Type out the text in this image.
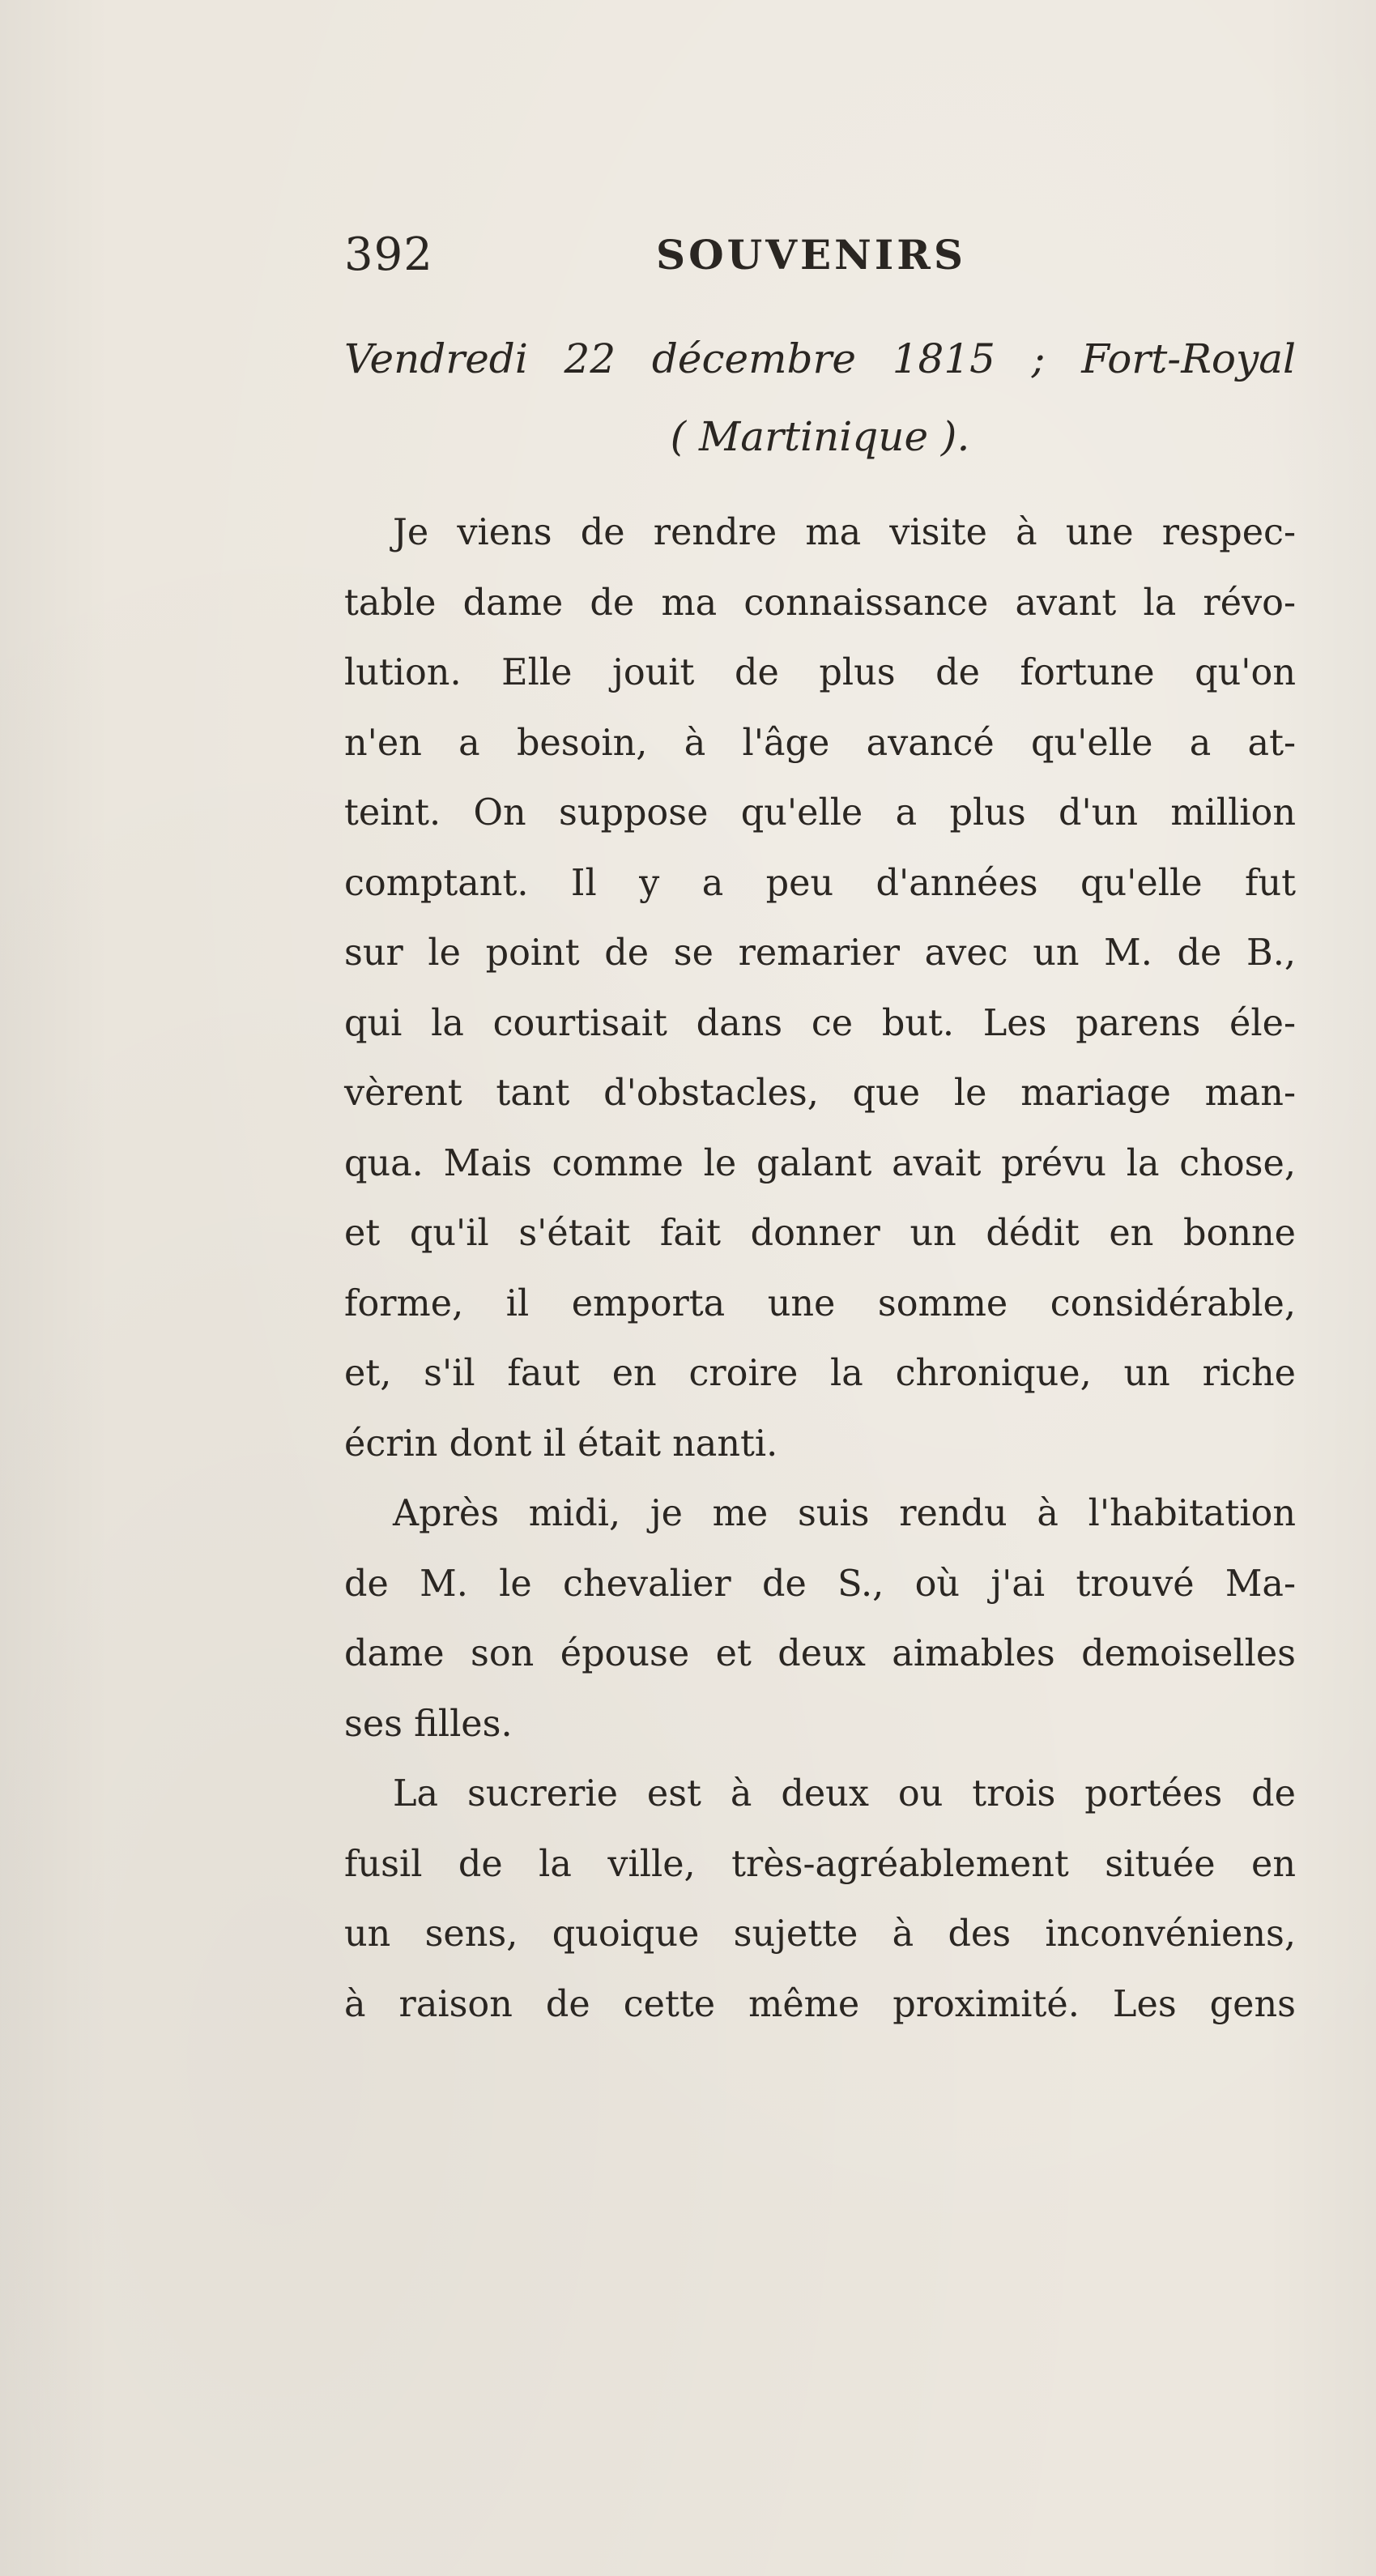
392	SOUVENIRS
Vendredi 22 décembre 1815 ; Fort-Royal
( Martinique ).
Je viens de rendre ma visite à une respec-
table dame de ma connaissance avant la révo-
lution. Elle jouit de plus de fortune qu'on
n'en a besoin, à l'âge avancé qu'elle a at-
teint. On suppose qu'elle a plus d'un million
comptant. Il y a peu d'années qu'elle fut
sur le point de se remarier avec un M. de B.,
qui la courtisait dans ce but. Les parens éle-
vèrent tant d'obstacles, que le mariage man-
qua. Mais comme le galant avait prévu la chose,
et qu'il s'était fait donner un dédit en bonne
forme, il emporta une somme considérable,
et, s'il faut en croire la chronique, un riche
écrin dont il était nanti.
Après midi, je me suis rendu à l'habitation
de M. le chevalier de S., où j'ai trouvé Ma-
dame son épouse et deux aimables demoiselles
ses filles.
La sucrerie est à deux ou trois portées de
fusil de la ville, très-agréablement située en
un sens, quoique sujette à des inconvéniens,
à raison de cette même proximité. Les gens
